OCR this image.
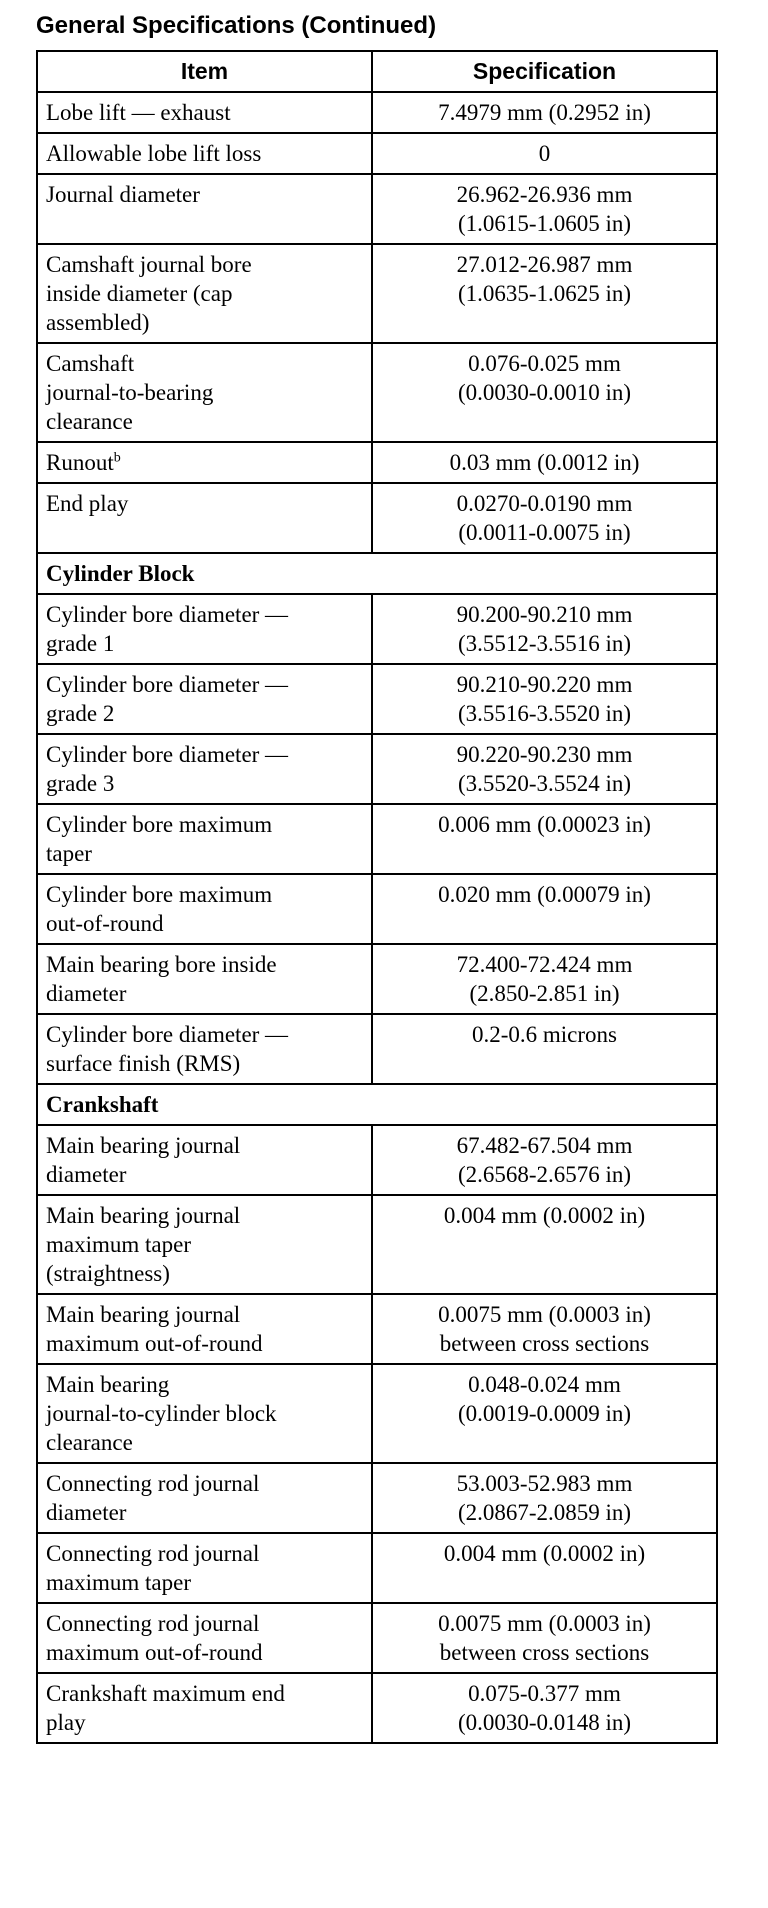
General Specifications (Continued)
Item	Specification

Lobe lift — exhaust	7.4979 mm (0.2952 in)

Allowable lobe lift loss	0

Journal diameter	26.962-26.936 mm
(1.0615-1.0605 in)

Camshaft journal bore
inside diameter (cap
assembled)	27.012-26.987 mm
(1.0635-1.0625 in)

Camshaft
journal-to-bearing
clearance	0.076-0.025 mm
(0.0030-0.0010 in)

Runout$^b$	0.03 mm (0.0012 in)

End play	0.0270-0.0190 mm
(0.0011-0.0075 in)

Cylinder Block	

Cylinder bore diameter —
grade 1	90.200-90.210 mm
(3.5512-3.5516 in)

Cylinder bore diameter —
grade 2	90.210-90.220 mm
(3.5516-3.5520 in)

Cylinder bore diameter —
grade 3	90.220-90.230 mm
(3.5520-3.5524 in)

Cylinder bore maximum
taper	0.006 mm (0.00023 in)

Cylinder bore maximum
out-of-round	0.020 mm (0.00079 in)

Main bearing bore inside
diameter	72.400-72.424 mm
(2.850-2.851 in)

Cylinder bore diameter —
surface finish (RMS)	0.2-0.6 microns

Crankshaft	

Main bearing journal
diameter	67.482-67.504 mm
(2.6568-2.6576 in)

Main bearing journal
maximum taper
(straightness)	0.004 mm (0.0002 in)

Main bearing journal
maximum out-of-round	0.0075 mm (0.0003 in)
between cross sections

Main bearing
journal-to-cylinder block
clearance	0.048-0.024 mm
(0.0019-0.0009 in)

Connecting rod journal
diameter	53.003-52.983 mm
(2.0867-2.0859 in)

Connecting rod journal
maximum taper	0.004 mm (0.0002 in)

Connecting rod journal
maximum out-of-round	0.0075 mm (0.0003 in)
between cross sections

Crankshaft maximum end
play	0.075-0.377 mm
(0.0030-0.0148 in)
